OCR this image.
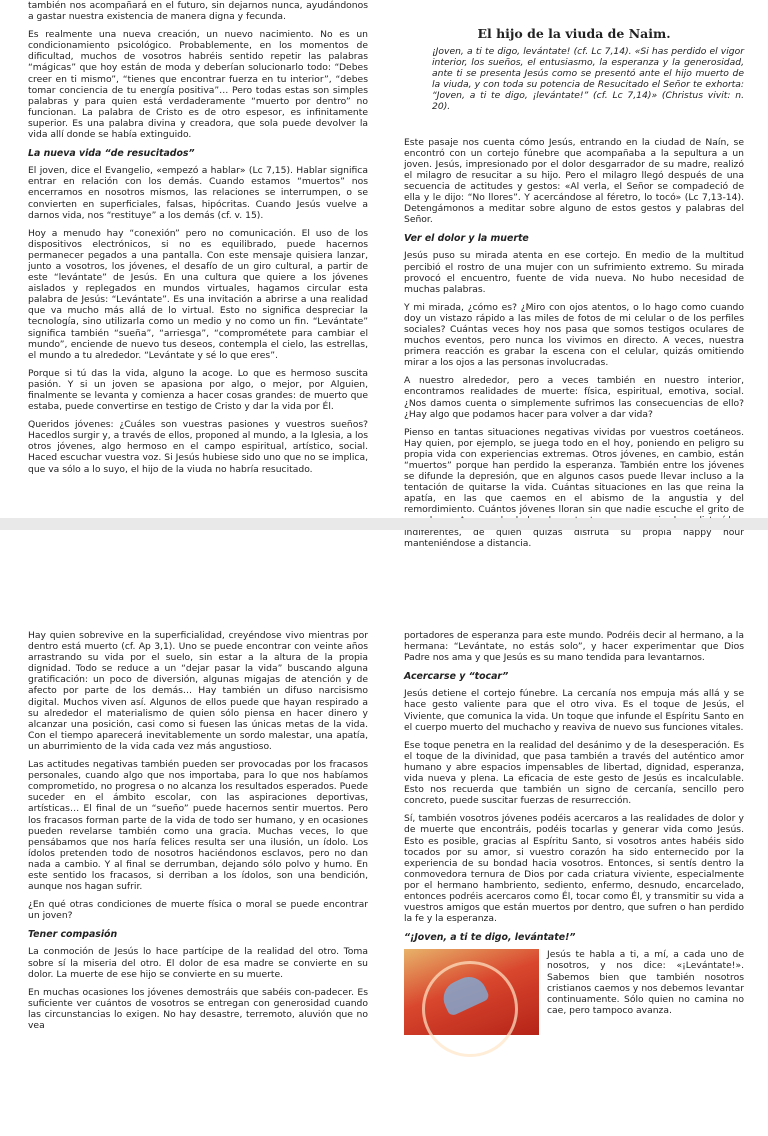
también nos acompañará en el futuro, sin dejarnos nunca, ayudándonos a gastar nuestra existencia de manera digna y fecunda.

Es realmente una nueva creación, un nuevo nacimiento. No es un condicionamiento psicológico. Probablemente, en los momentos de dificultad, muchos de vosotros habréis sentido repetir las palabras “mágicas” que hoy están de moda y deberían solucionarlo todo: “Debes creer en ti mismo”, “tienes que encontrar fuerza en tu interior”, “debes tomar conciencia de tu energía positiva”… Pero todas estas son simples palabras y para quien está verdaderamente “muerto por dentro” no funcionan. La palabra de Cristo es de otro espesor, es infinitamente superior. Es una palabra divina y creadora, que sola puede devolver la vida allí donde se había extinguido.

La nueva vida “de resucitados”

El joven, dice el Evangelio, «empezó a hablar» (Lc 7,15). Hablar significa entrar en relación con los demás. Cuando estamos “muertos” nos encerramos en nosotros mismos, las relaciones se interrumpen, o se convierten en superficiales, falsas, hipócritas. Cuando Jesús vuelve a darnos vida, nos “restituye” a los demás (cf. v. 15).

Hoy a menudo hay “conexión” pero no comunicación. El uso de los dispositivos electrónicos, si no es equilibrado, puede hacernos permanecer pegados a una pantalla. Con este mensaje quisiera lanzar, junto a vosotros, los jóvenes, el desafío de un giro cultural, a partir de este “levántate” de Jesús. En una cultura que quiere a los jóvenes aislados y replegados en mundos virtuales, hagamos circular esta palabra de Jesús: “Levántate”. Es una invitación a abrirse a una realidad que va mucho más allá de lo virtual. Esto no significa despreciar la tecnología, sino utilizarla como un medio y no como un fin. “Levántate” significa también “sueña”, “arriesga”, “comprométete para cambiar el mundo”, enciende de nuevo tus deseos, contempla el cielo, las estrellas, el mundo a tu alrededor. “Levántate y sé lo que eres”.

Porque si tú das la vida, alguno la acoge. Lo que es hermoso suscita pasión. Y si un joven se apasiona por algo, o mejor, por Alguien, finalmente se levanta y comienza a hacer cosas grandes: de muerto que estaba, puede convertirse en testigo de Cristo y dar la vida por Él.

Queridos jóvenes: ¿Cuáles son vuestras pasiones y vuestros sueños? Hacedlos surgir y, a través de ellos, proponed al mundo, a la Iglesia, a los otros jóvenes, algo hermoso en el campo espiritual, artístico, social. Haced escuchar vuestra voz. Si Jesús hubiese sido uno que no se implica, que va sólo a lo suyo, el hijo de la viuda no habría resucitado.

El hijo de la viuda de Naim.

¡Joven, a ti te digo, levántate! (cf. Lc 7,14). «Si has perdido el vigor interior, los sueños, el entusiasmo, la esperanza y la generosidad, ante ti se presenta Jesús como se presentó ante el hijo muerto de la viuda, y con toda su potencia de Resucitado el Señor te exhorta: “Joven, a ti te digo, ¡levántate!” (cf. Lc 7,14)» (Christus vivit: n. 20).

Este pasaje nos cuenta cómo Jesús, entrando en la ciudad de Naín, se encontró con un cortejo fúnebre que acompañaba a la sepultura a un joven. Jesús, impresionado por el dolor desgarrador de su madre, realizó el milagro de resucitar a su hijo. Pero el milagro llegó después de una secuencia de actitudes y gestos: «Al verla, el Señor se compadeció de ella y le dijo: “No llores”. Y acercándose al féretro, lo tocó» (Lc 7,13-14). Detengámonos a meditar sobre alguno de estos gestos y palabras del Señor.

Ver el dolor y la muerte

Jesús puso su mirada atenta en ese cortejo. En medio de la multitud percibió el rostro de una mujer con un sufrimiento extremo. Su mirada provocó el encuentro, fuente de vida nueva. No hubo necesidad de muchas palabras.

Y mi mirada, ¿cómo es? ¿Miro con ojos atentos, o lo hago como cuando doy un vistazo rápido a las miles de fotos de mi celular o de los perfiles sociales? Cuántas veces hoy nos pasa que somos testigos oculares de muchos eventos, pero nunca los vivimos en directo. A veces, nuestra primera reacción es grabar la escena con el celular, quizás omitiendo mirar a los ojos a las personas involucradas.

A nuestro alrededor, pero a veces también en nuestro interior, encontramos realidades de muerte: física, espiritual, emotiva, social. ¿Nos damos cuenta o simplemente sufrimos las consecuencias de ello? ¿Hay algo que podamos hacer para volver a dar vida?

Pienso en tantas situaciones negativas vividas por vuestros coetáneos. Hay quien, por ejemplo, se juega todo en el hoy, poniendo en peligro su propia vida con experiencias extremas. Otros jóvenes, en cambio, están “muertos” porque han perdido la esperanza. También entre los jóvenes se difunde la depresión, que en algunos casos puede llevar incluso a la tentación de quitarse la vida. Cuántas situaciones en las que reina la apatía, en las que caemos en el abismo de la angustia y del remordimiento. Cuántos jóvenes lloran sin que nadie escuche el grito de su alma. A su alrededor hay tantas veces miradas distraídas, indiferentes, de quien quizás disfruta su propia happy hour manteniéndose a distancia.

Hay quien sobrevive en la superficialidad, creyéndose vivo mientras por dentro está muerto (cf. Ap 3,1). Uno se puede encontrar con veinte años arrastrando su vida por el suelo, sin estar a la altura de la propia dignidad. Todo se reduce a un “dejar pasar la vida” buscando alguna gratificación: un poco de diversión, algunas migajas de atención y de afecto por parte de los demás… Hay también un difuso narcisismo digital. Muchos viven así. Algunos de ellos puede que hayan respirado a su alrededor el materialismo de quien sólo piensa en hacer dinero y alcanzar una posición, casi como si fuesen las únicas metas de la vida. Con el tiempo aparecerá inevitablemente un sordo malestar, una apatía, un aburrimiento de la vida cada vez más angustioso.

Las actitudes negativas también pueden ser provocadas por los fracasos personales, cuando algo que nos importaba, para lo que nos habíamos comprometido, no progresa o no alcanza los resultados esperados. Puede suceder en el ámbito escolar, con las aspiraciones deportivas, artísticas… El final de un “sueño” puede hacernos sentir muertos. Pero los fracasos forman parte de la vida de todo ser humano, y en ocasiones pueden revelarse también como una gracia. Muchas veces, lo que pensábamos que nos haría felices resulta ser una ilusión, un ídolo. Los ídolos pretenden todo de nosotros haciéndonos esclavos, pero no dan nada a cambio. Y al final se derrumban, dejando sólo polvo y humo. En este sentido los fracasos, si derriban a los ídolos, son una bendición, aunque nos hagan sufrir.

¿En qué otras condiciones de muerte física o moral se puede encontrar un joven?

Tener compasión

La conmoción de Jesús lo hace partícipe de la realidad del otro. Toma sobre sí la miseria del otro. El dolor de esa madre se convierte en su dolor. La muerte de ese hijo se convierte en su muerte.

En muchas ocasiones los jóvenes demostráis que sabéis con-padecer. Es suficiente ver cuántos de vosotros se entregan con generosidad cuando las circunstancias lo exigen. No hay desastre, terremoto, aluvión que no vea

portadores de esperanza para este mundo. Podréis decir al hermano, a la hermana: “Levántate, no estás solo”, y hacer experimentar que Dios Padre nos ama y que Jesús es su mano tendida para levantarnos.

Acercarse y “tocar”

Jesús detiene el cortejo fúnebre. La cercanía nos empuja más allá y se hace gesto valiente para que el otro viva. Es el toque de Jesús, el Viviente, que comunica la vida. Un toque que infunde el Espíritu Santo en el cuerpo muerto del muchacho y reaviva de nuevo sus funciones vitales.

Ese toque penetra en la realidad del desánimo y de la desesperación. Es el toque de la divinidad, que pasa también a través del auténtico amor humano y abre espacios impensables de libertad, dignidad, esperanza, vida nueva y plena. La eficacia de este gesto de Jesús es incalculable. Esto nos recuerda que también un signo de cercanía, sencillo pero concreto, puede suscitar fuerzas de resurrección.

Sí, también vosotros jóvenes podéis acercaros a las realidades de dolor y de muerte que encontráis, podéis tocarlas y generar vida como Jesús. Esto es posible, gracias al Espíritu Santo, si vosotros antes habéis sido tocados por su amor, si vuestro corazón ha sido enternecido por la experiencia de su bondad hacia vosotros. Entonces, si sentís dentro la conmovedora ternura de Dios por cada criatura viviente, especialmente por el hermano hambriento, sediento, enfermo, desnudo, encarcelado, entonces podréis acercaros como Él, tocar como Él, y transmitir su vida a vuestros amigos que están muertos por dentro, que sufren o han perdido la fe y la esperanza.

“¡Joven, a ti te digo, levántate!”

Jesús te habla a ti, a mí, a cada uno de nosotros, y nos dice: «¡Levántate!». Sabemos bien que también nosotros cristianos caemos y nos debemos levantar continuamente. Sólo quien no camina no cae, pero tampoco avanza.
